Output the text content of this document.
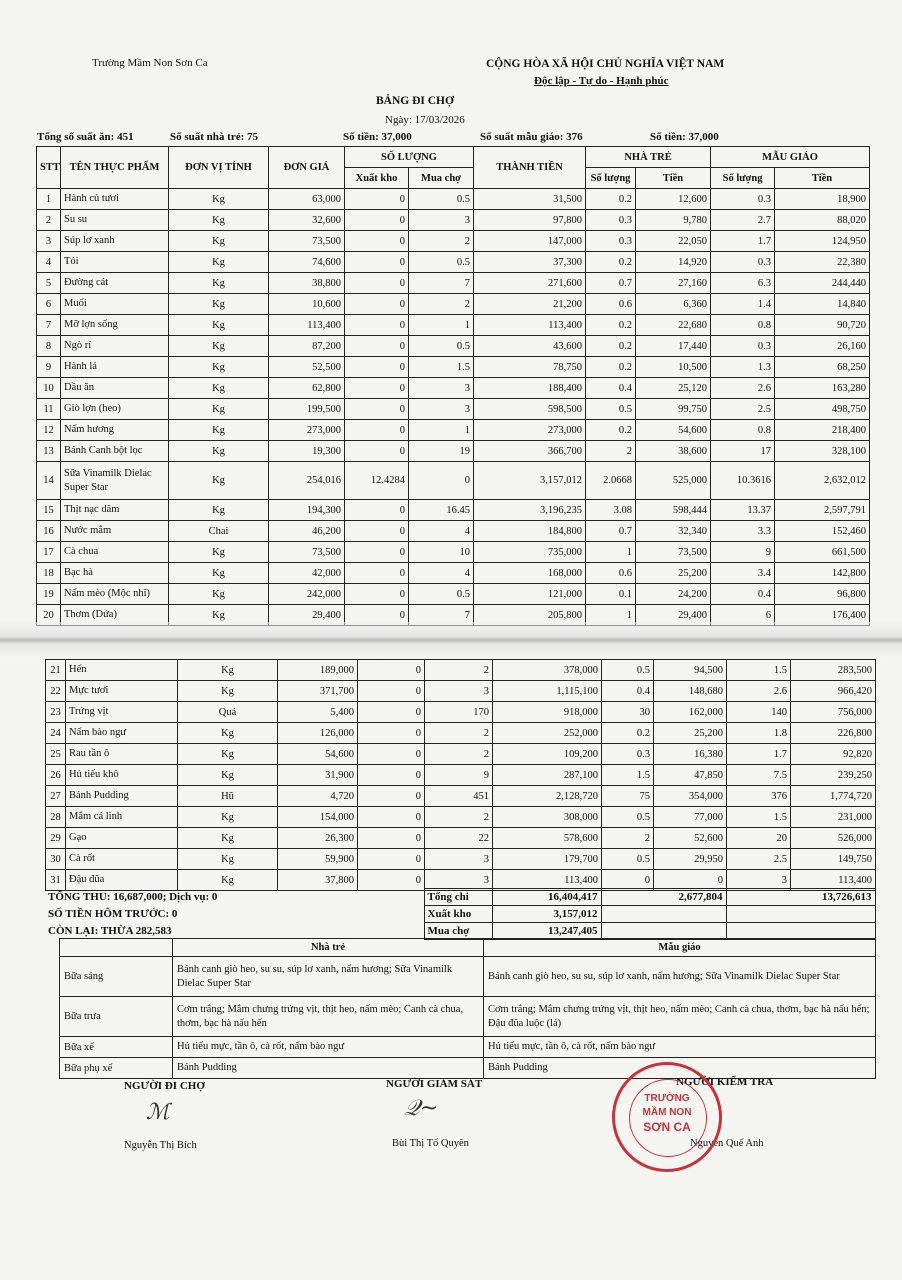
Trường Mầm Non Sơn Ca	CỘNG HÒA XÃ HỘI CHỦ NGHĨA VIỆT NAM
Độc lập - Tự do - Hạnh phúc
BẢNG ĐI CHỢ
Ngày: 17/03/2026
Tổng số suất ăn: 451	Số suất nhà trẻ: 75	Số tiền: 37,000	Số suất mẫu giáo: 376	Số tiền: 37,000
STT	TÊN THỰC PHẨM	ĐƠN VỊ TÍNH	ĐƠN GIÁ	SỐ LƯỢNG		THÀNH TIỀN	NHÀ TRẺ		MẪU GIÁO	
				Xuất kho	Mua chợ		Số lượng	Tiền	Số lượng	Tiền
1	Hành củ tươi	Kg	63,000	0	0.5	31,500	0.2	12,600	0.3	18,900
2	Su su	Kg	32,600	0	3	97,800	0.3	9,780	2.7	88,020
3	Súp lơ xanh	Kg	73,500	0	2	147,000	0.3	22,050	1.7	124,950
4	Tỏi	Kg	74,600	0	0.5	37,300	0.2	14,920	0.3	22,380
5	Đường cát	Kg	38,800	0	7	271,600	0.7	27,160	6.3	244,440
6	Muối	Kg	10,600	0	2	21,200	0.6	6,360	1.4	14,840
7	Mỡ lợn sống	Kg	113,400	0	1	113,400	0.2	22,680	0.8	90,720
8	Ngò rí	Kg	87,200	0	0.5	43,600	0.2	17,440	0.3	26,160
9	Hành lá	Kg	52,500	0	1.5	78,750	0.2	10,500	1.3	68,250
10	Dầu ăn	Kg	62,800	0	3	188,400	0.4	25,120	2.6	163,280
11	Giò lợn (heo)	Kg	199,500	0	3	598,500	0.5	99,750	2.5	498,750
12	Nấm hương	Kg	273,000	0	1	273,000	0.2	54,600	0.8	218,400
13	Bánh Canh bột lọc	Kg	19,300	0	19	366,700	2	38,600	17	328,100
14	Sữa Vinamilk Dielac Super Star	Kg	254,016	12.4284	0	3,157,012	2.0668	525,000	10.3616	2,632,012
15	Thịt nạc dăm	Kg	194,300	0	16.45	3,196,235	3.08	598,444	13.37	2,597,791
16	Nước mắm	Chai	46,200	0	4	184,800	0.7	32,340	3.3	152,460
17	Cà chua	Kg	73,500	0	10	735,000	1	73,500	9	661,500
18	Bạc hà	Kg	42,000	0	4	168,000	0.6	25,200	3.4	142,800
19	Nấm mèo (Mộc nhĩ)	Kg	242,000	0	0.5	121,000	0.1	24,200	0.4	96,800
20	Thơm (Dứa)	Kg	29,400	0	7	205,800	1	29,400	6	176,400
21	Hến	Kg	189,000	0	2	378,000	0.5	94,500	1.5	283,500
22	Mực tươi	Kg	371,700	0	3	1,115,100	0.4	148,680	2.6	966,420
23	Trứng vịt	Quả	5,400	0	170	918,000	30	162,000	140	756,000
24	Nấm bào ngư	Kg	126,000	0	2	252,000	0.2	25,200	1.8	226,800
25	Rau tần ô	Kg	54,600	0	2	109,200	0.3	16,380	1.7	92,820
26	Hủ tiếu khô	Kg	31,900	0	9	287,100	1.5	47,850	7.5	239,250
27	Bánh Pudding	Hũ	4,720	0	451	2,128,720	75	354,000	376	1,774,720
28	Mắm cá linh	Kg	154,000	0	2	308,000	0.5	77,000	1.5	231,000
29	Gạo	Kg	26,300	0	22	578,600	2	52,600	20	526,000
30	Cà rốt	Kg	59,900	0	3	179,700	0.5	29,950	2.5	149,750
31	Đậu đũa	Kg	37,800	0	3	113,400	0	0	3	113,400
TỔNG THU: 16,687,000; Dịch vụ: 0	Tổng chi	16,404,417	2,677,804	13,726,613
SỐ TIỀN HÔM TRƯỚC: 0	Xuất kho	3,157,012		
CÒN LẠI: THỪA 282,583	Mua chợ	13,247,405		
	Nhà trẻ	Mẫu giáo
Bữa sáng	Bánh canh giò heo, su su, súp lơ xanh, nấm hương; Sữa Vinamilk Dielac Super Star	Bánh canh giò heo, su su, súp lơ xanh, nấm hương; Sữa Vinamilk Dielac Super Star
Bữa trưa	Cơm trắng; Mắm chưng trứng vịt, thịt heo, nấm mèo; Canh cà chua, thơm, bạc hà nấu hến	Cơm trắng; Mắm chưng trứng vịt, thịt heo, nấm mèo; Canh cà chua, thơm, bạc hà nấu hến; Đậu đũa luộc (lá)
Bữa xế	Hủ tiếu mực, tần ô, cà rốt, nấm bào ngư	Hủ tiếu mực, tần ô, cà rốt, nấm bào ngư
Bữa phụ xế	Bánh Pudding	Bánh Pudding
NGƯỜI ĐI CHỢ
ℳ
Nguyễn Thị Bích
NGƯỜI GIÁM SÁT
𝒬~
Bùi Thị Tố Quyên
NGƯỜI KIỂM TRA
Nguyễn Quế Anh
TRƯỜNG
MẦM NON
SƠN CA
